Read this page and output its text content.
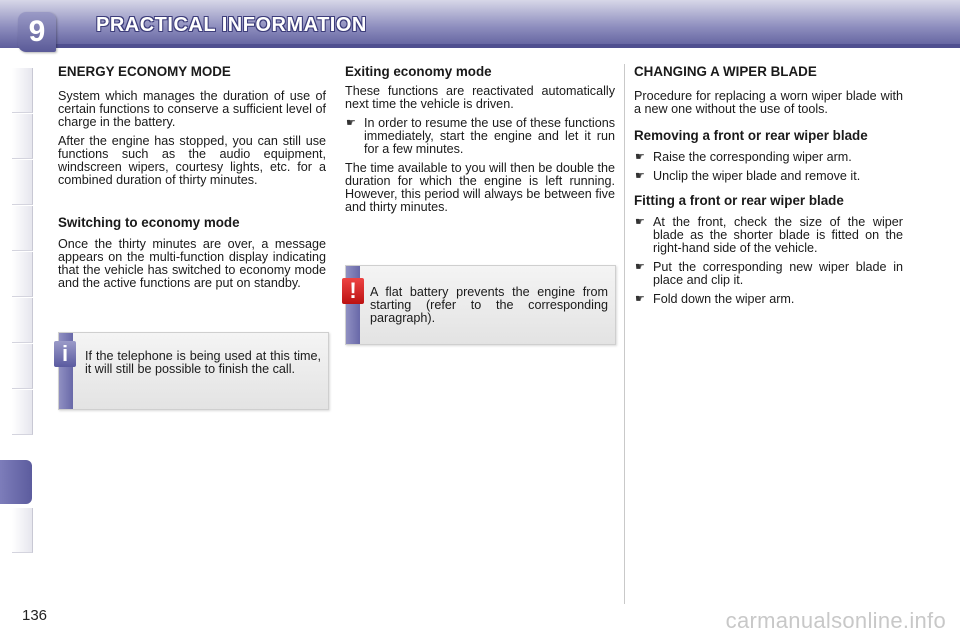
9	PRACTICAL INFORMATION
ENERGY ECONOMY MODE

System which manages the duration of use of certain functions to conserve a sufficient level of charge in the battery.

After the engine has stopped, you can still use functions such as the audio equipment, windscreen wipers, courtesy lights, etc. for a combined duration of thirty minutes.

Switching to economy mode

Once the thirty minutes are over, a message appears on the multi-function display indicating that the vehicle has switched to economy mode and the active functions are put on standby.

If the telephone is being used at this time, it will still be possible to finish the call.
i
Exiting economy mode

These functions are reactivated automatically next time the vehicle is driven.

☛ In order to resume the use of these functions immediately, start the engine and let it run for a few minutes.

The time available to you will then be double the duration for which the engine is left running. However, this period will always be between five and thirty minutes.

A flat battery prevents the engine from starting (refer to the corresponding paragraph).
!
CHANGING A WIPER BLADE

Procedure for replacing a worn wiper blade with a new one without the use of tools.

Removing a front or rear wiper blade
☛ Raise the corresponding wiper arm.
☛ Unclip the wiper blade and remove it.
Fitting a front or rear wiper blade
☛ At the front, check the size of the wiper blade as the shorter blade is fitted on the right-hand side of the vehicle.
☛ Put the corresponding new wiper blade in place and clip it.
☛ Fold down the wiper arm.
136	carmanualsonline.info
